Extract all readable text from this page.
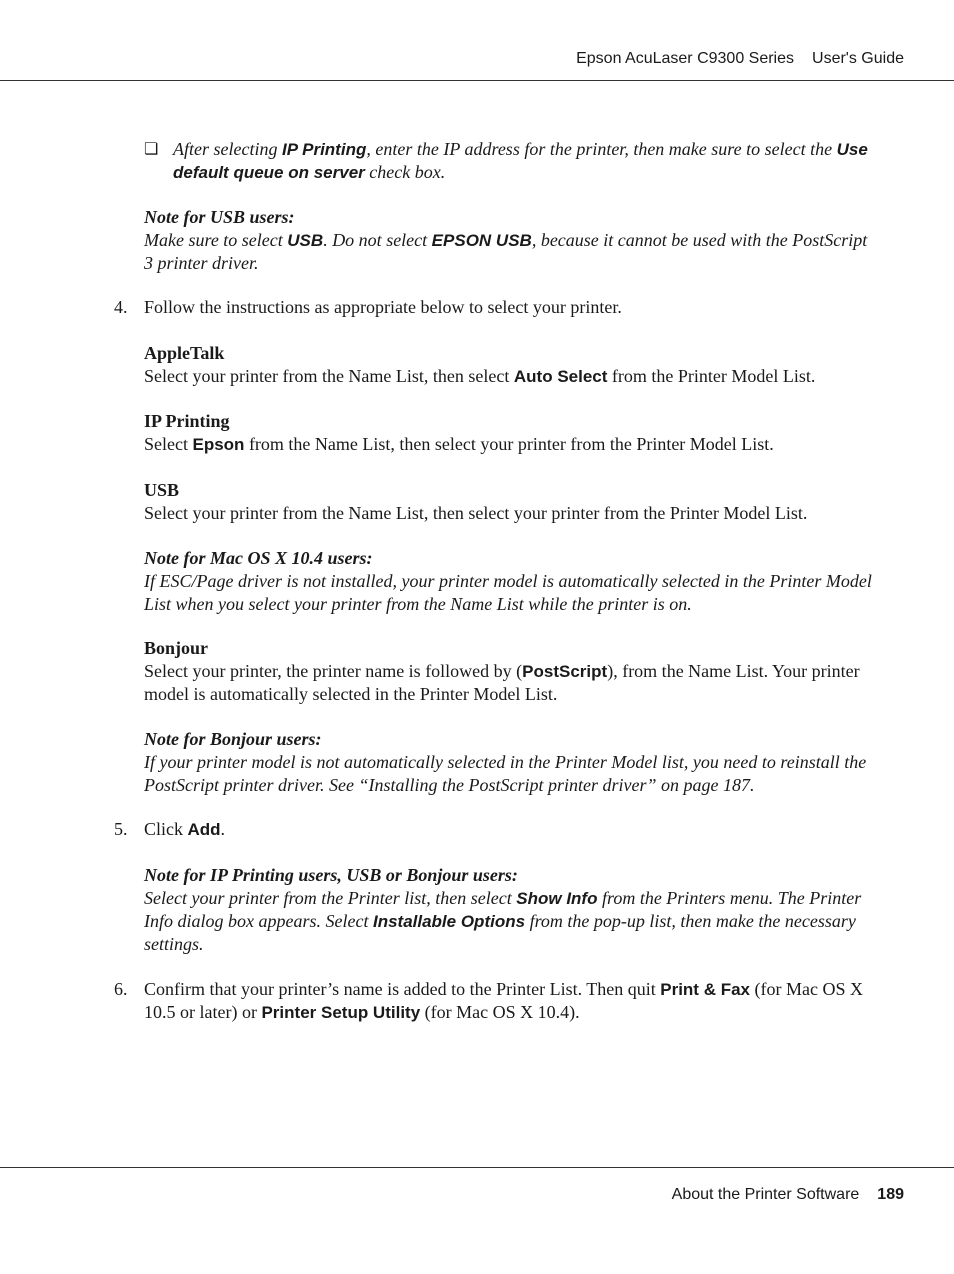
Epson AcuLaser C9300 Series User's Guide
❏ After selecting IP Printing, enter the IP address for the printer, then make sure to select the Use default queue on server check box.
Note for USB users:
Make sure to select USB. Do not select EPSON USB, because it cannot be used with the PostScript 3 printer driver.
4. Follow the instructions as appropriate below to select your printer.
AppleTalk
Select your printer from the Name List, then select Auto Select from the Printer Model List.
IP Printing
Select Epson from the Name List, then select your printer from the Printer Model List.
USB
Select your printer from the Name List, then select your printer from the Printer Model List.
Note for Mac OS X 10.4 users:
If ESC/Page driver is not installed, your printer model is automatically selected in the Printer Model List when you select your printer from the Name List while the printer is on.
Bonjour
Select your printer, the printer name is followed by (PostScript), from the Name List. Your printer model is automatically selected in the Printer Model List.
Note for Bonjour users:
If your printer model is not automatically selected in the Printer Model list, you need to reinstall the PostScript printer driver. See “Installing the PostScript printer driver” on page 187.
5. Click Add.
Note for IP Printing users, USB or Bonjour users:
Select your printer from the Printer list, then select Show Info from the Printers menu. The Printer Info dialog box appears. Select Installable Options from the pop-up list, then make the necessary settings.
6. Confirm that your printer’s name is added to the Printer List. Then quit Print & Fax (for Mac OS X 10.5 or later) or Printer Setup Utility (for Mac OS X 10.4).
About the Printer Software 189
